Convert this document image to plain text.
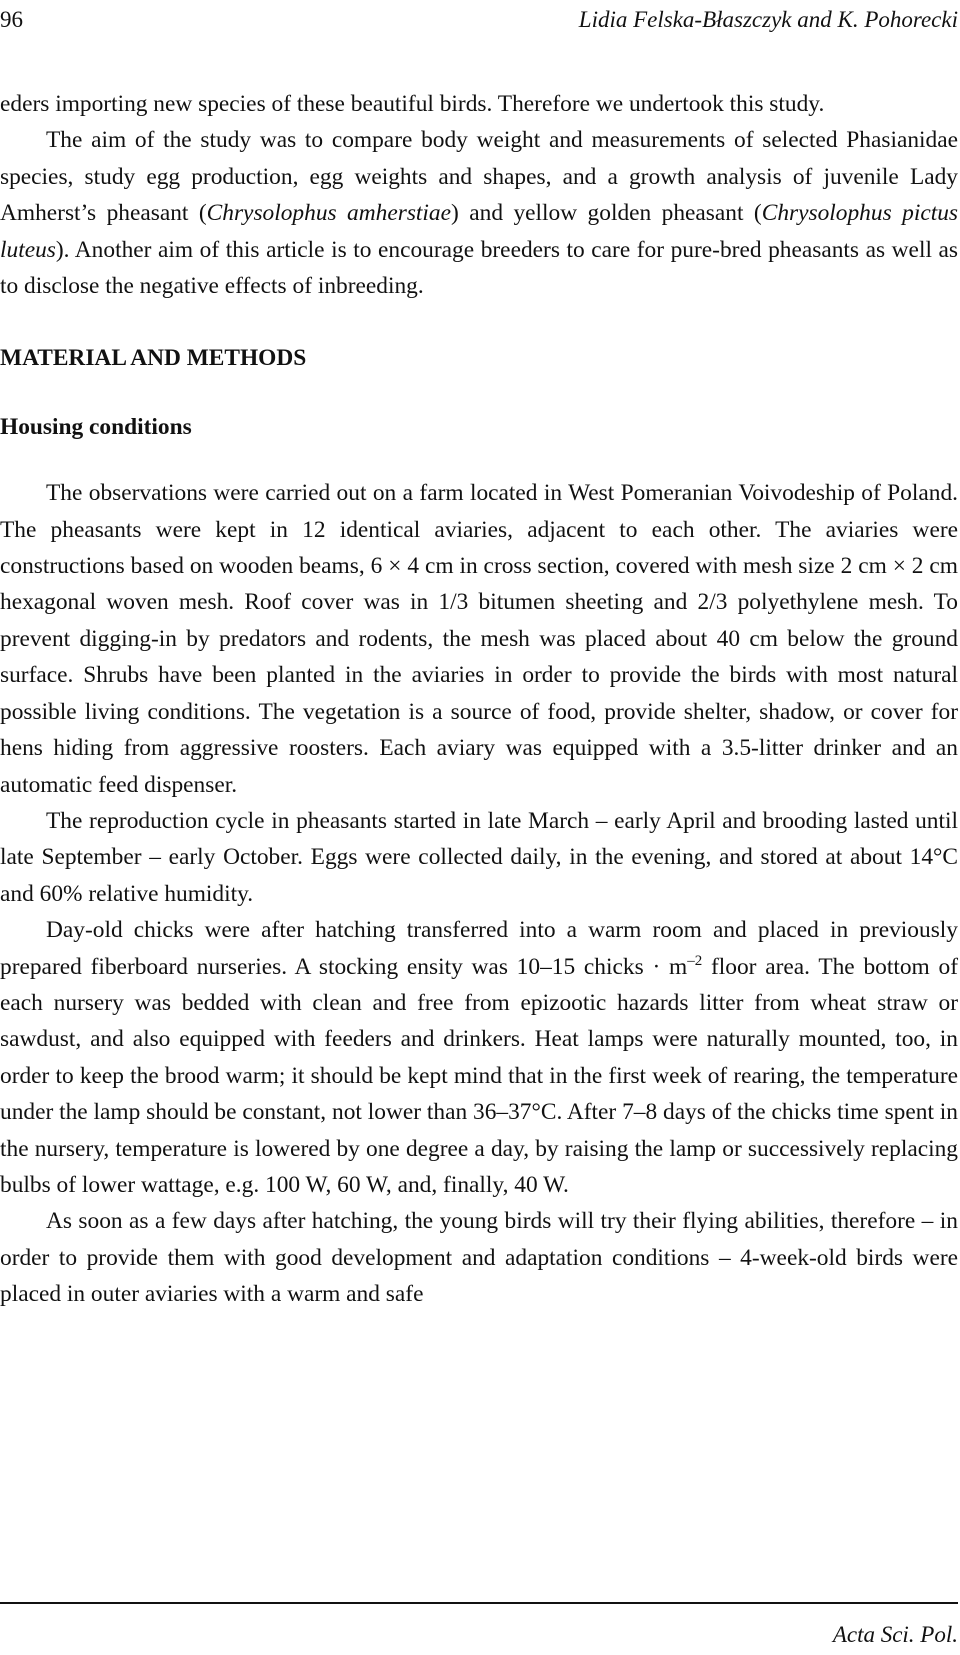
96	Lidia Felska-Błaszczyk and K. Pohorecki

eders importing new species of these beautiful birds. Therefore we undertook this study.

The aim of the study was to compare body weight and measurements of selected Phasianidae species, study egg production, egg weights and shapes, and a growth analysis of juvenile Lady Amherst’s pheasant (Chrysolophus amherstiae) and yellow golden pheasant (Chrysolophus pictus luteus). Another aim of this article is to encourage breeders to care for pure-bred pheasants as well as to disclose the negative effects of inbreeding.

MATERIAL AND METHODS
Housing conditions

The observations were carried out on a farm located in West Pomeranian Voivodeship of Poland. The pheasants were kept in 12 identical aviaries, adjacent to each other. The aviaries were constructions based on wooden beams, 6 × 4 cm in cross section, covered with mesh size 2 cm × 2 cm hexagonal woven mesh. Roof cover was in 1/3 bitumen sheeting and 2/3 polyethylene mesh. To prevent digging-in by predators and rodents, the mesh was placed about 40 cm below the ground surface. Shrubs have been planted in the aviaries in order to provide the birds with most natural possible living conditions. The vegetation is a source of food, provide shelter, shadow, or cover for hens hiding from aggressive roosters. Each aviary was equipped with a 3.5-litter drinker and an automatic feed dispenser.

The reproduction cycle in pheasants started in late March – early April and brooding lasted until late September – early October. Eggs were collected daily, in the evening, and stored at about 14°C and 60% relative humidity.

Day-old chicks were after hatching transferred into a warm room and placed in previously prepared fiberboard nurseries. A stocking ensity was 10–15 chicks · $m^{-2}$ floor area. The bottom of each nursery was bedded with clean and free from epizootic hazards litter from wheat straw or sawdust, and also equipped with feeders and drinkers. Heat lamps were naturally mounted, too, in order to keep the brood warm; it should be kept mind that in the first week of rearing, the temperature under the lamp should be constant, not lower than 36–37°C. After 7–8 days of the chicks time spent in the nursery, temperature is lowered by one degree a day, by raising the lamp or successively replacing bulbs of lower wattage, e.g. 100 W, 60 W, and, finally, 40 W.

As soon as a few days after hatching, the young birds will try their flying abilities, therefore – in order to provide them with good development and adaptation conditions – 4-week-old birds were placed in outer aviaries with a warm and safe

Acta Sci. Pol.
